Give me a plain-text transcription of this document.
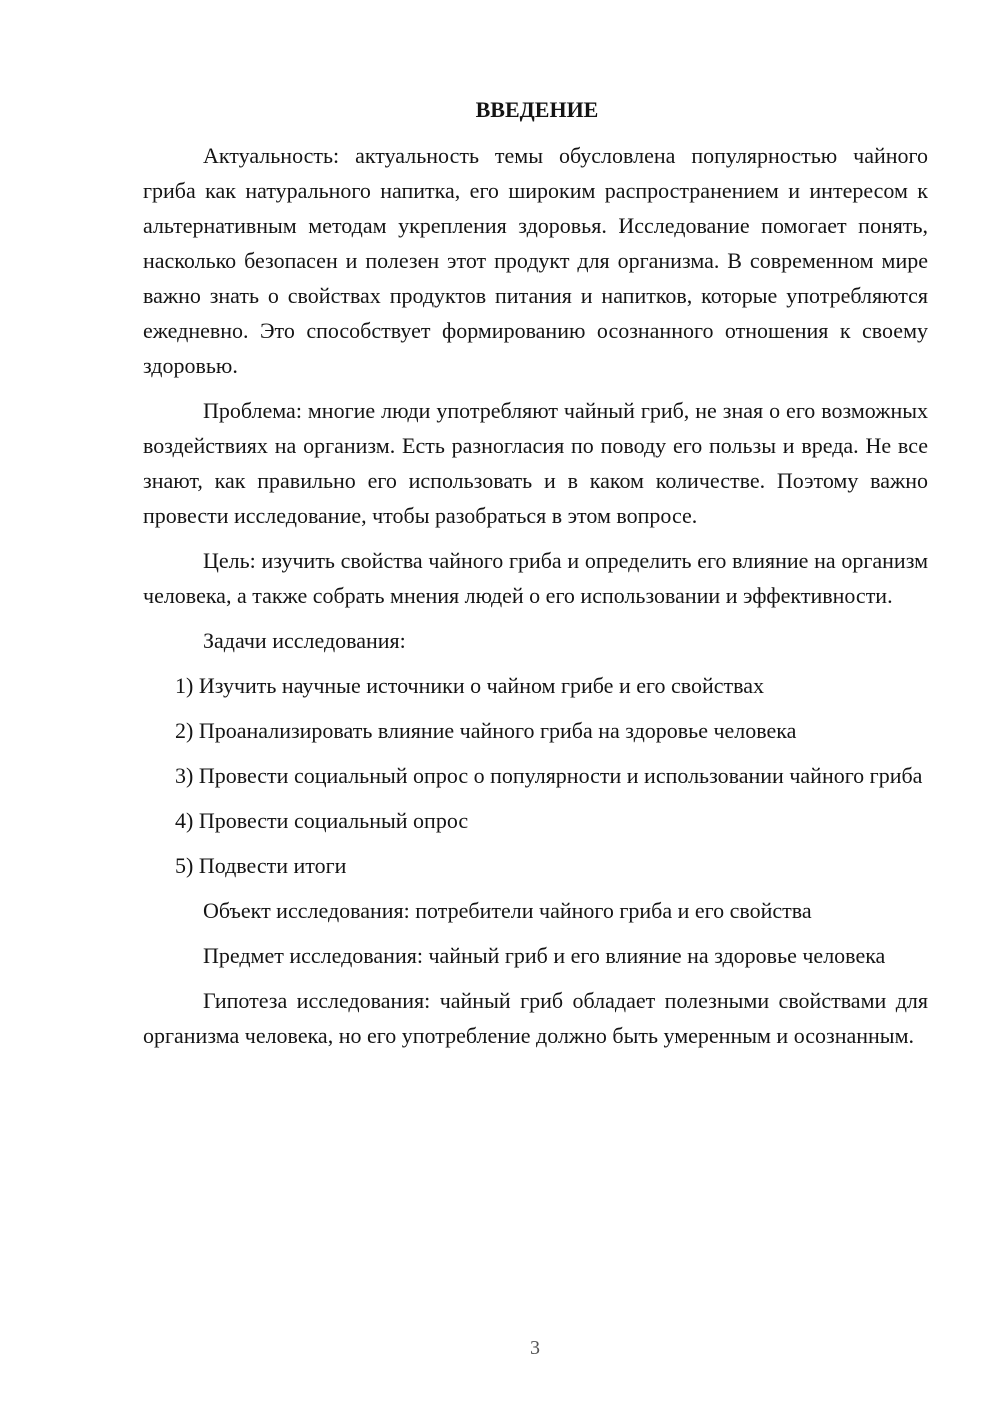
ВВЕДЕНИЕ

Актуальность: актуальность темы обусловлена популярностью чайного гриба как натурального напитка, его широким распространением и интересом к альтернативным методам укрепления здоровья. Исследование помогает понять, насколько безопасен и полезен этот продукт для организма. В современном мире важно знать о свойствах продуктов питания и напитков, которые употребляются ежедневно. Это способствует формированию осознанного отношения к своему здоровью.

Проблема: многие люди употребляют чайный гриб, не зная о его возможных воздействиях на организм. Есть разногласия по поводу его пользы и вреда. Не все знают, как правильно его использовать и в каком количестве. Поэтому важно провести исследование, чтобы разобраться в этом вопросе.

Цель: изучить свойства чайного гриба и определить его влияние на организм человека, а также собрать мнения людей о его использовании и эффективности.

Задачи исследования:

1) Изучить научные источники о чайном грибе и его свойствах

2) Проанализировать влияние чайного гриба на здоровье человека

3) Провести социальный опрос о популярности и использовании чайного гриба

4) Провести социальный опрос

5) Подвести итоги

Объект исследования: потребители чайного гриба и его свойства

Предмет исследования: чайный гриб и его влияние на здоровье человека

Гипотеза исследования: чайный гриб обладает полезными свойствами для организма человека, но его употребление должно быть умеренным и осознанным.

3
